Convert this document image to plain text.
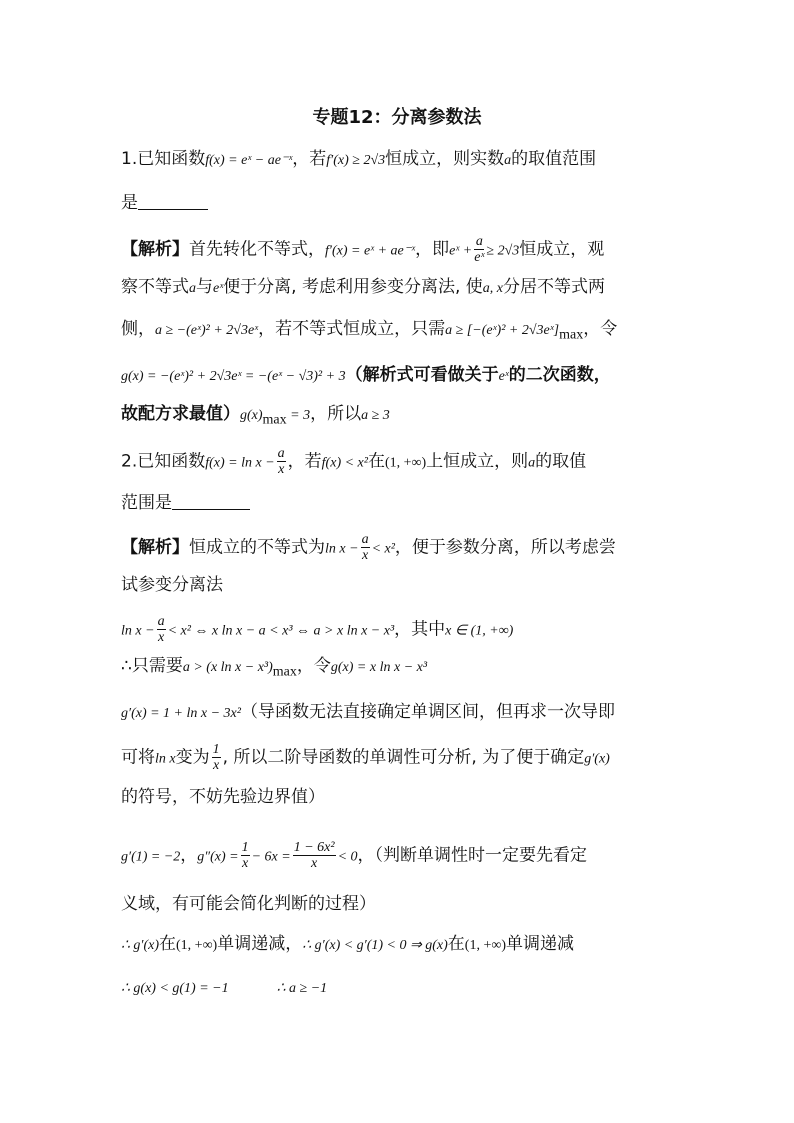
专题12：分离参数法
1.已知函数f(x) = eˣ − ae⁻ˣ，若f′(x) ≥ 2√3恒成立，则实数a的取值范围
是
【解析】首先转化不等式，f′(x) = eˣ + ae⁻ˣ，即eˣ + $\frac{a}{\text{eˣ}} \ge 2√3$恒成立，观
察不等式a与eˣ便于分离, 考虑利用参变分离法, 使a, x分居不等式两
侧，a ≥ −(eˣ)² + 2√3eˣ，若不等式恒成立，只需a ≥ [−(eˣ)² + $2√3eˣ]_{max}$，令
g(x) = −(eˣ)² + 2√3eˣ = −(eˣ − √3)² + 3（解析式可看做关于eˣ的二次函数，
故配方求最值）$g(x)_{max} = 3$，所以a ≥ 3
2.已知函数$f(x) = \ln x - \frac{a}{x}$ ，若f(x) < x²在(1, +∞)上恒成立，则a的取值
范围是
【解析】恒成立的不等式为$\ln x - \frac{a}{x} < x^2$，便于参数分离，所以考虑尝
试参变分离法
$\ln x - \frac{a}{x} < x^2$ ⇔ x ln x − a < x³ ⇔ a > x ln x − x³，其中x ∈ (1, +∞)
∴只需要a > (x $\ln x - x^3)_{max}$，令g(x) = x ln x − x³
g′(x) = 1 + ln x − 3x²（导函数无法直接确定单调区间，但再求一次导即
可将ln x变为 $\frac{1}{x}$ , 所以二阶导函数的单调性可分析, 为了便于确定g′(x)
的符号，不妨先验边界值）
g′(1) = −2，$g''(x) = \frac{1}{x} - 6x = \frac{\text{1 − 6x²}}{x} < 0$，（判断单调性时一定要先看定
义域，有可能会简化判断的过程）
∴ g′(x)在(1, +∞)单调递减，∴ g′(x) < g′(1) < 0 ⇒ g(x)在(1, +∞)单调递减
∴ g(x) < g(1) = −1	∴ a ≥ −1
